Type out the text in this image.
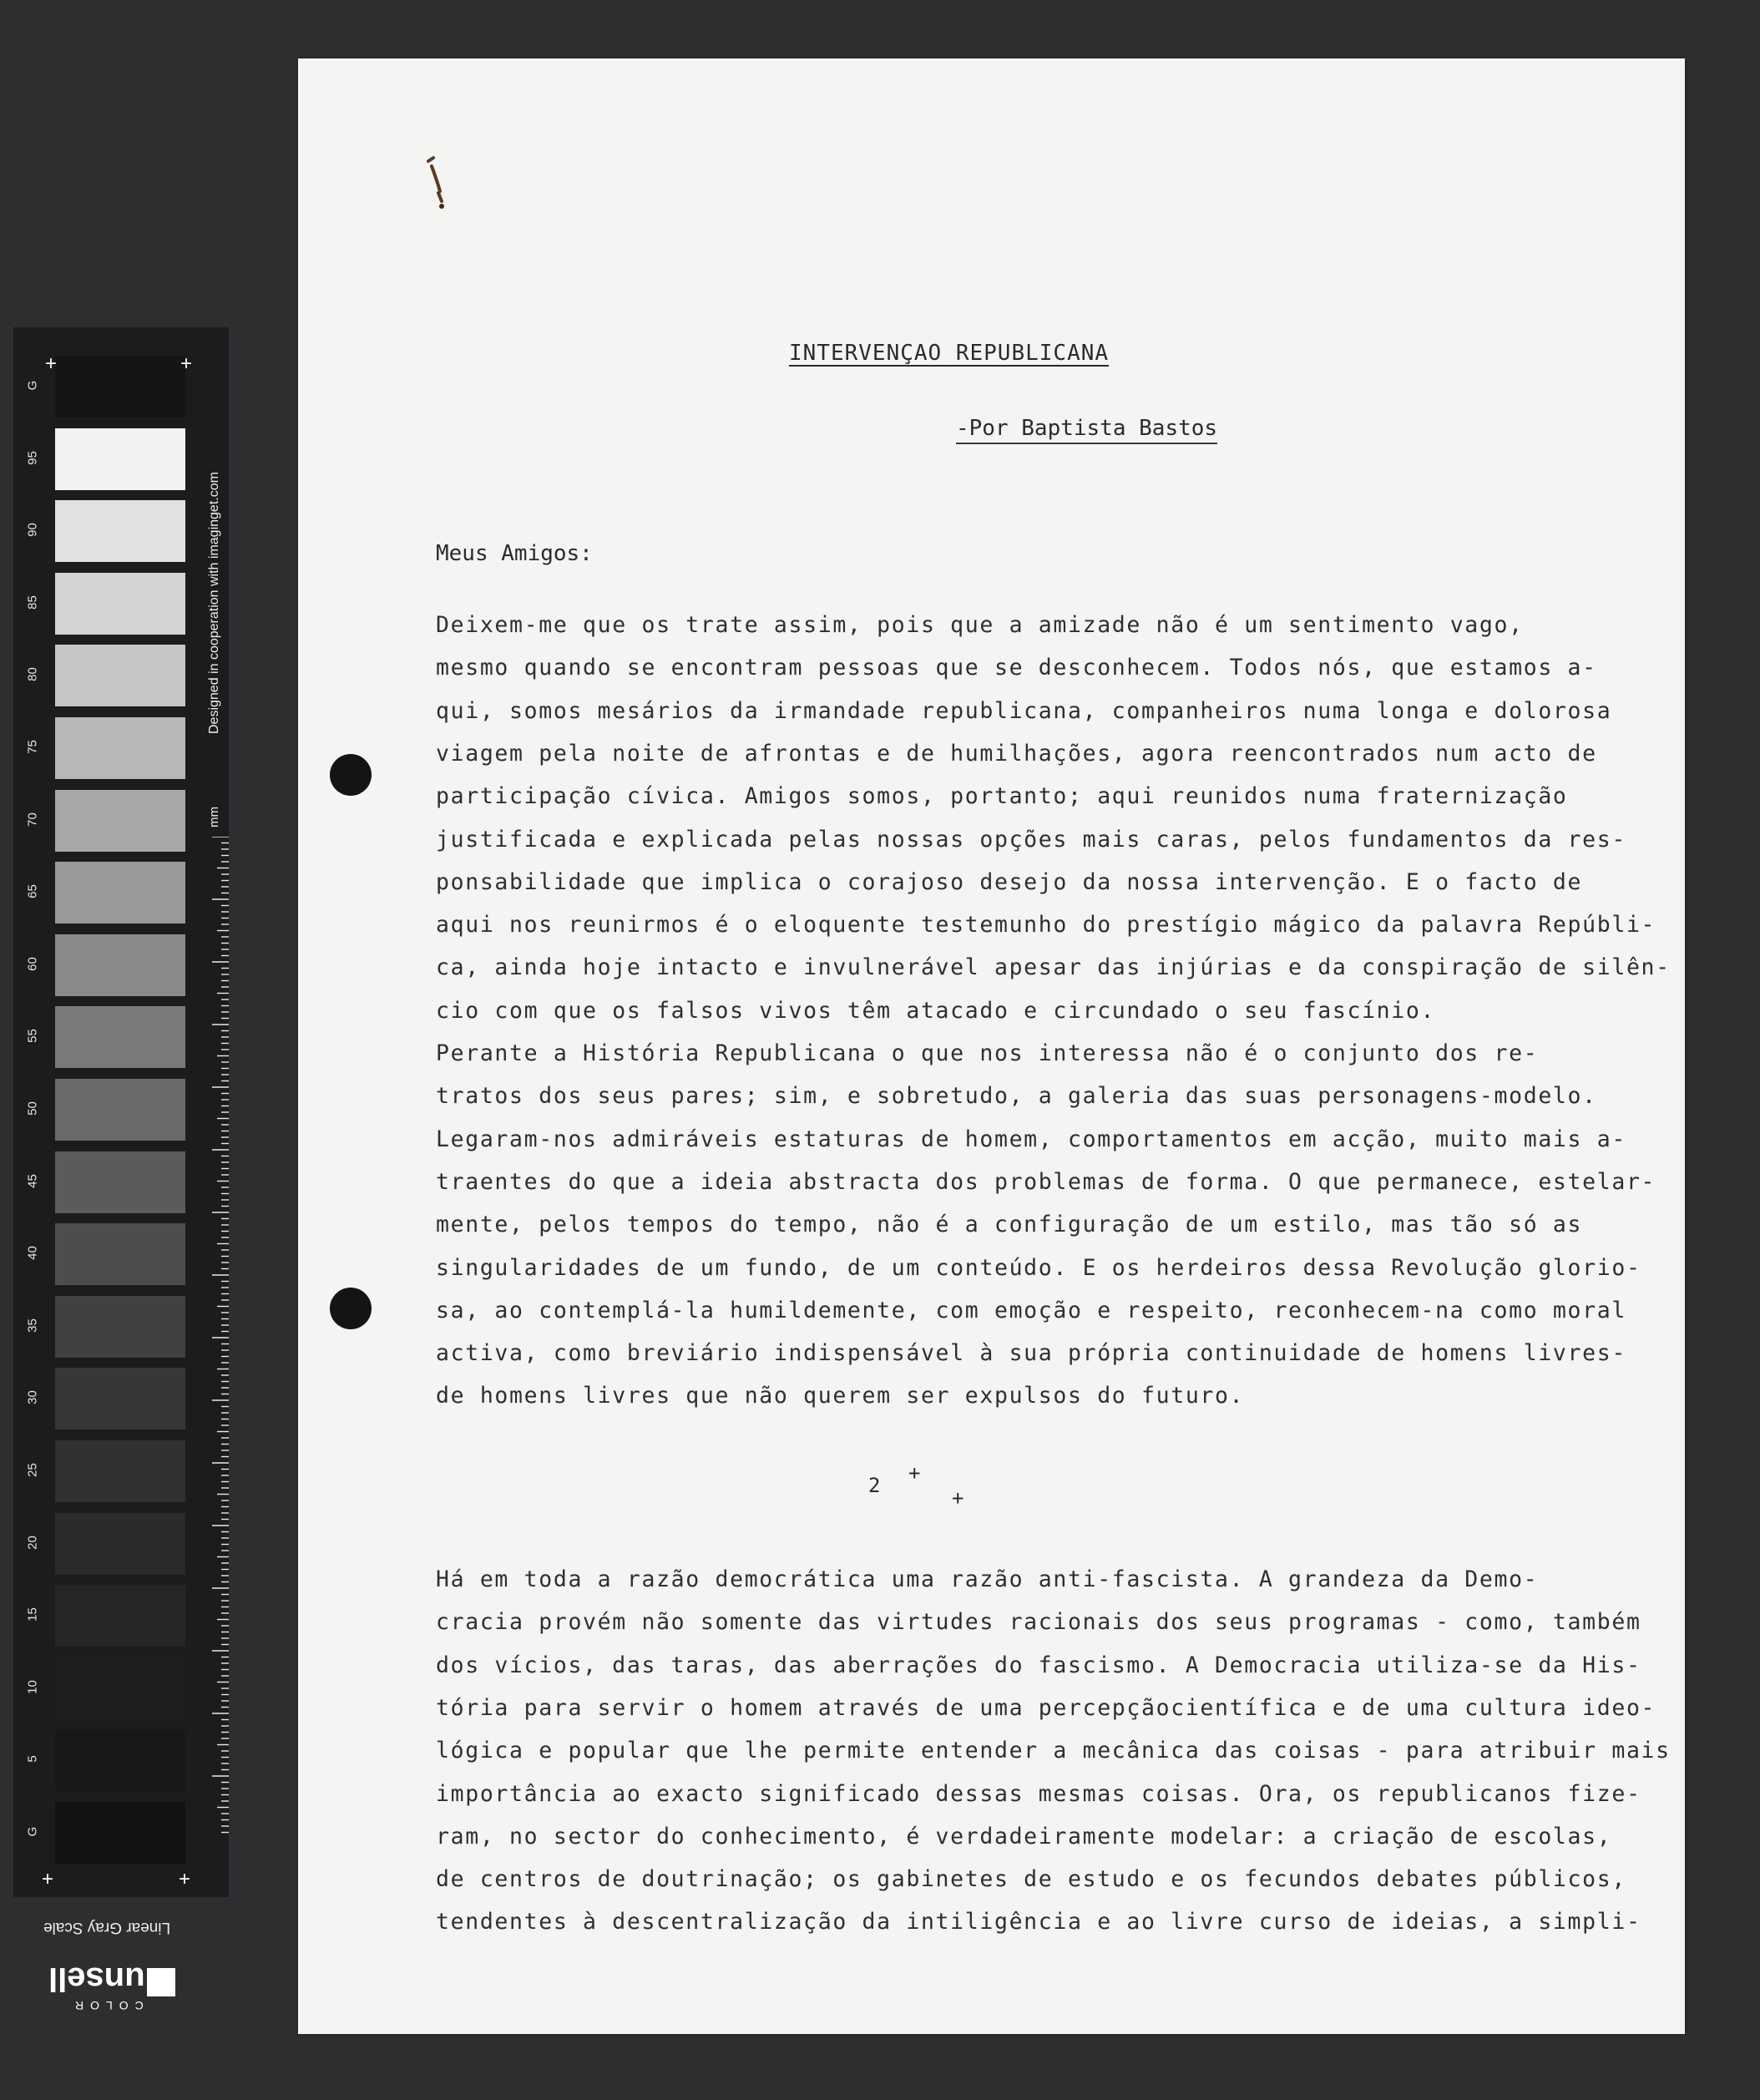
G
95
90
85
80
75
70
65
60
55
50
45
40
35
30
25
20
15
10
5
G
+	+
+	+
Designed in cooperation with imaginget.com
mm
Linear Gray Scale
Munsell
COLOR
INTERVENÇAO REPUBLICANA
-Por Baptista Bastos
Meus Amigos:
Deixem-me que os trate assim, pois que a amizade não é um sentimento vago,
mesmo quando se encontram pessoas que se desconhecem. Todos nós, que estamos a-
qui, somos mesários da irmandade republicana, companheiros numa longa e dolorosa
viagem pela noite de afrontas e de humilhações, agora reencontrados num acto de
participação cívica. Amigos somos, portanto; aqui reunidos numa fraternização
justificada e explicada pelas nossas opções mais caras, pelos fundamentos da res-
ponsabilidade que implica o corajoso desejo da nossa intervenção. E o facto de
aqui nos reunirmos é o eloquente testemunho do prestígio mágico da palavra Repúbli-
ca, ainda hoje intacto e invulnerável apesar das injúrias e da conspiração de silên-
cio com que os falsos vivos têm atacado e circundado o seu fascínio.
Perante a História Republicana o que nos interessa não é o conjunto dos re-
tratos dos seus pares; sim, e sobretudo, a galeria das suas personagens-modelo.
Legaram-nos admiráveis estaturas de homem, comportamentos em acção, muito mais a-
traentes do que a ideia abstracta dos problemas de forma. O que permanece, estelar-
mente, pelos tempos do tempo, não é a configuração de um estilo, mas tão só as
singularidades de um fundo, de um conteúdo. E os herdeiros dessa Revolução glorio-
sa, ao contemplá-la humildemente, com emoção e respeito, reconhecem-na como moral
activa, como breviário indispensável à sua própria continuidade de homens livres-
de homens livres que não querem ser expulsos do futuro.
2
+
+
Há em toda a razão democrática uma razão anti-fascista. A grandeza da Demo-
cracia provém não somente das virtudes racionais dos seus programas - como, também
dos vícios, das taras, das aberrações do fascismo. A Democracia utiliza-se da His-
tória para servir o homem através de uma percepçãocientífica e de uma cultura ideo-
lógica e popular que lhe permite entender a mecânica das coisas - para atribuir mais
importância ao exacto significado dessas mesmas coisas. Ora, os republicanos fize-
ram, no sector do conhecimento, é verdadeiramente modelar: a criação de escolas,
de centros de doutrinação; os gabinetes de estudo e os fecundos debates públicos,
tendentes à descentralização da intiligência e ao livre curso de ideias, a simpli-
